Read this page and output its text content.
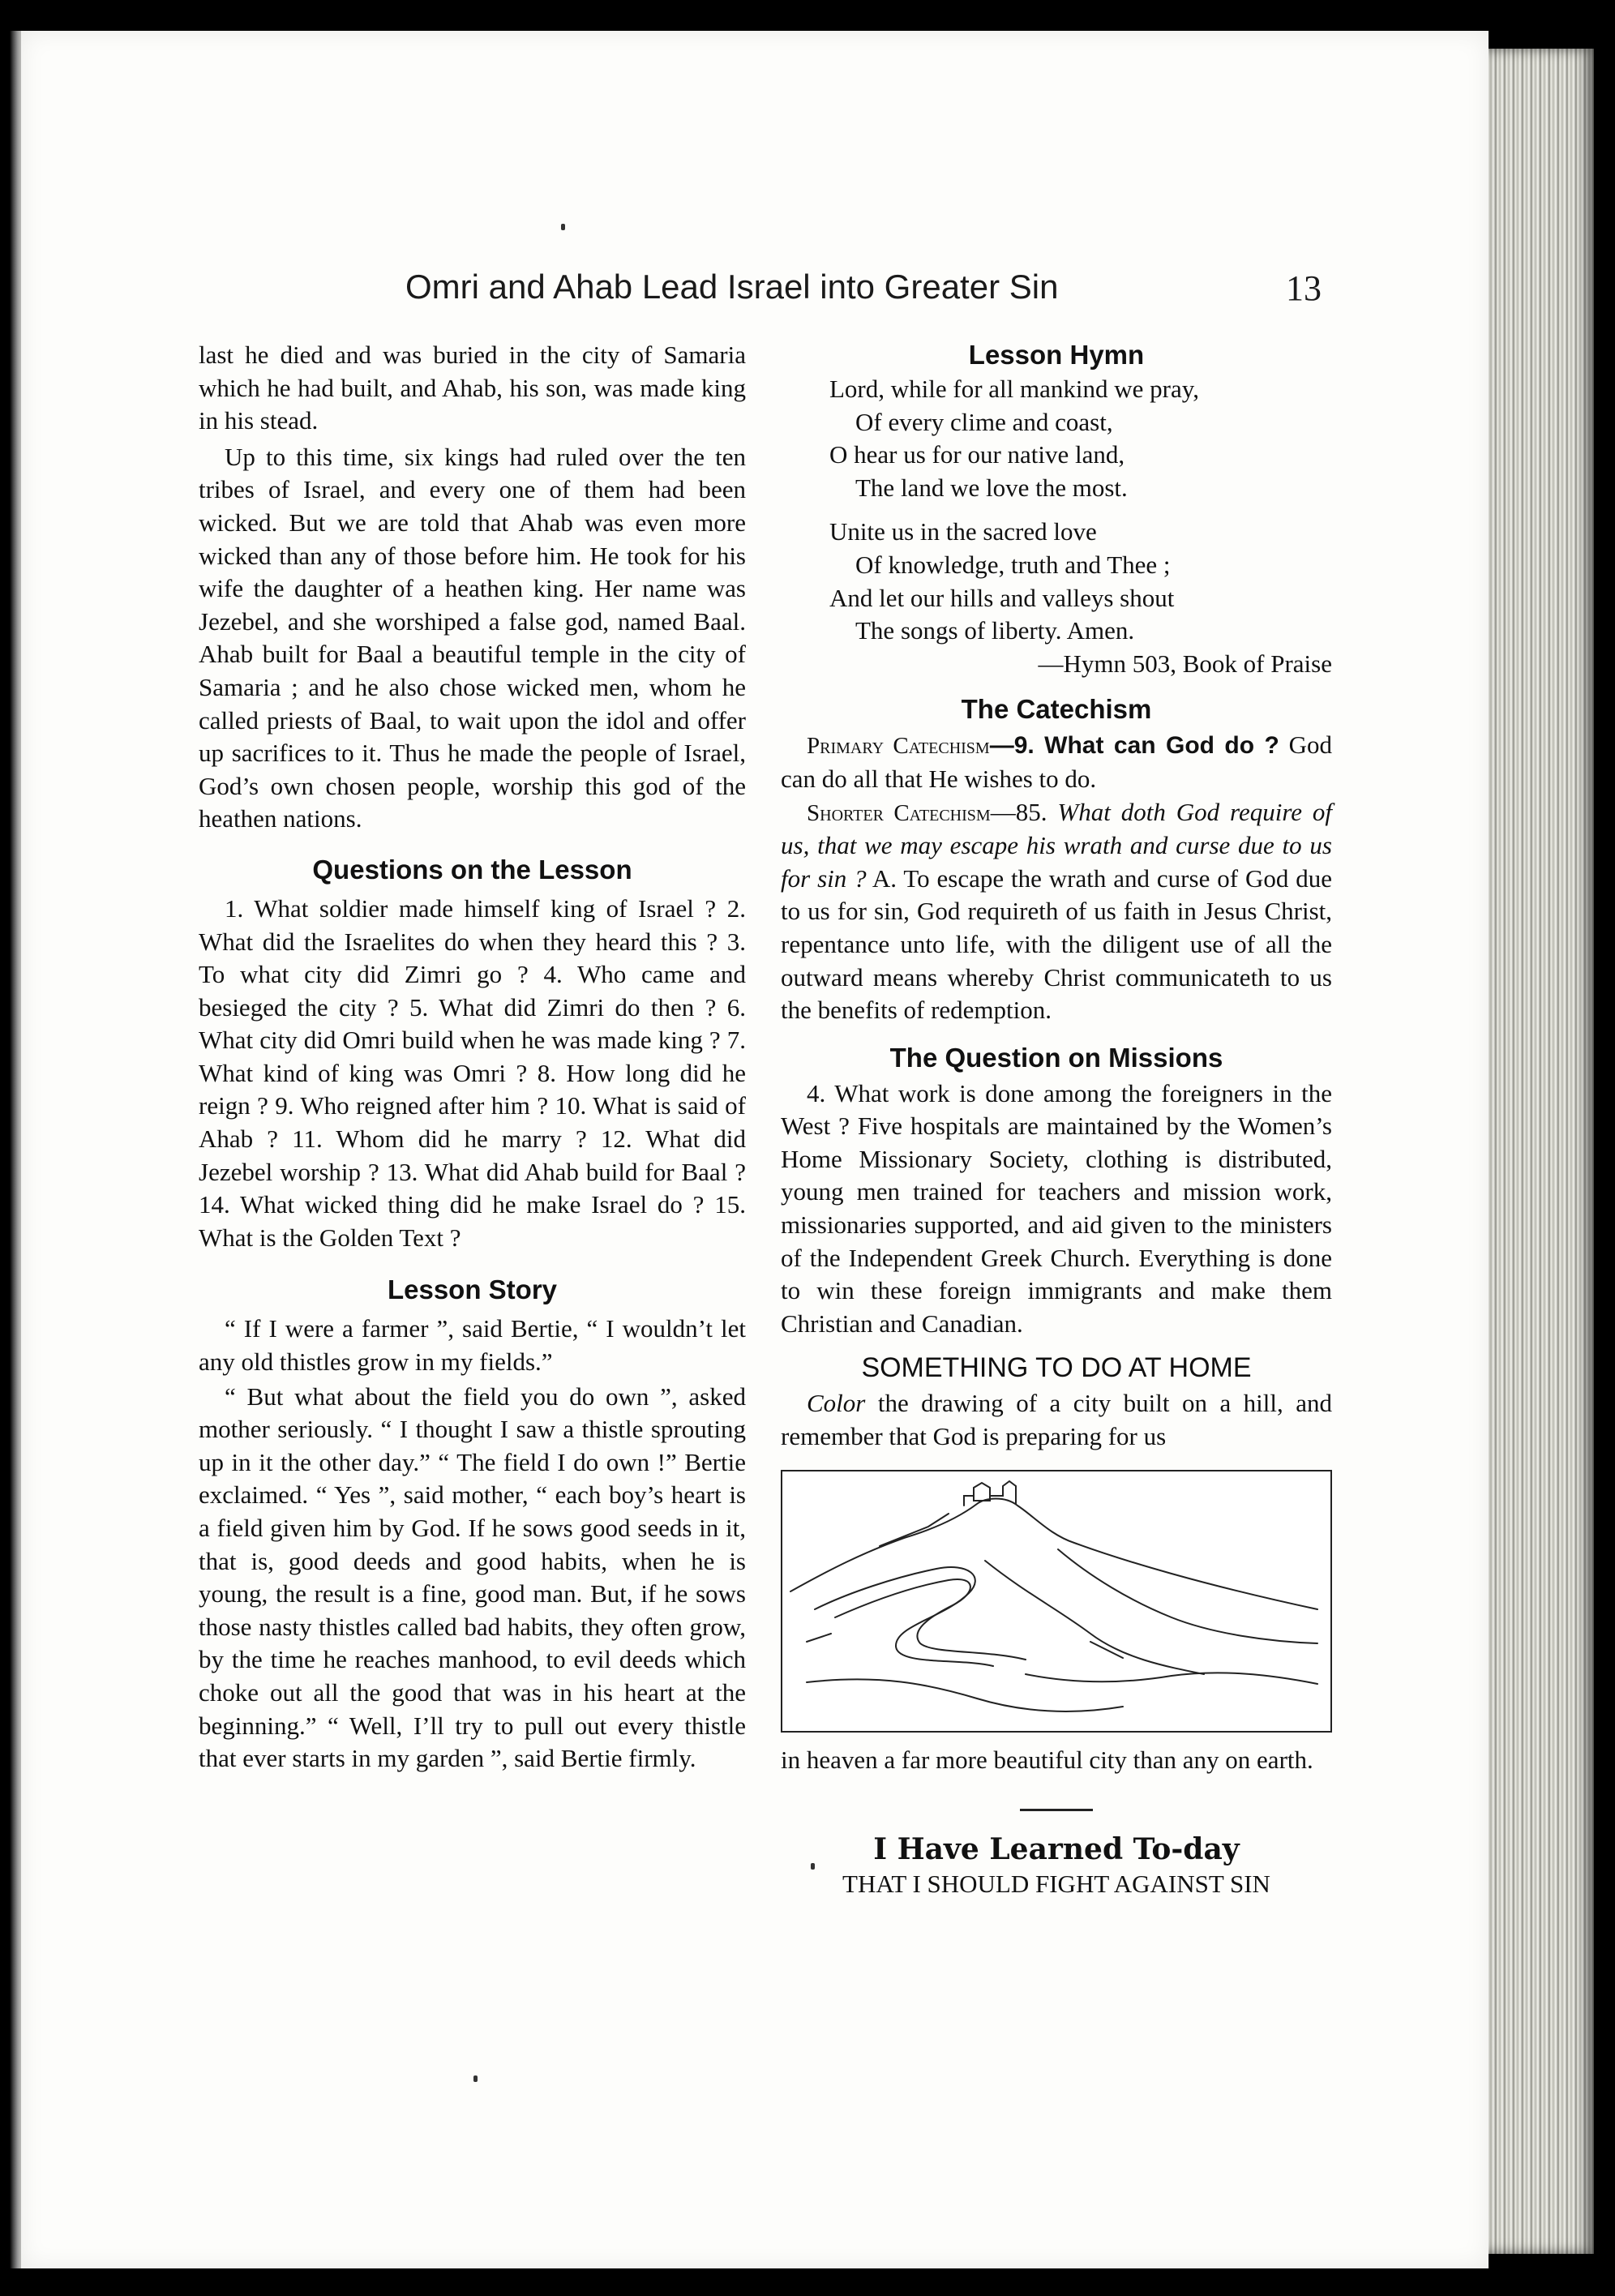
Omri and Ahab Lead Israel into Greater Sin	13

last he died and was buried in the city of Samaria which he had built, and Ahab, his son, was made king in his stead.

Up to this time, six kings had ruled over the ten tribes of Israel, and every one of them had been wicked. But we are told that Ahab was even more wicked than any of those before him. He took for his wife the daughter of a heathen king. Her name was Jezebel, and she worshiped a false god, named Baal. Ahab built for Baal a beautiful temple in the city of Samaria ; and he also chose wicked men, whom he called priests of Baal, to wait upon the idol and offer up sacrifices to it. Thus he made the people of Israel, God’s own chosen people, worship this god of the heathen nations.

Questions on the Lesson

1. What soldier made himself king of Israel ? 2. What did the Israelites do when they heard this ? 3. To what city did Zimri go ? 4. Who came and besieged the city ? 5. What did Zimri do then ? 6. What city did Omri build when he was made king ? 7. What kind of king was Omri ? 8. How long did he reign ? 9. Who reigned after him ? 10. What is said of Ahab ? 11. Whom did he marry ? 12. What did Jezebel worship ? 13. What did Ahab build for Baal ? 14. What wicked thing did he make Israel do ? 15. What is the Golden Text ?

Lesson Story

“ If I were a farmer ”, said Bertie, “ I wouldn’t let any old thistles grow in my fields.”

“ But what about the field you do own ”, asked mother seriously. “ I thought I saw a thistle sprouting up in it the other day.” “ The field I do own !” Bertie exclaimed. “ Yes ”, said mother, “ each boy’s heart is a field given him by God. If he sows good seeds in it, that is, good deeds and good habits, when he is young, the result is a fine, good man. But, if he sows those nasty thistles called bad habits, they often grow, by the time he reaches manhood, to evil deeds which choke out all the good that was in his heart at the beginning.” “ Well, I’ll try to pull out every thistle that ever starts in my garden ”, said Bertie firmly.

Lesson Hymn

Lord, while for all mankind we pray,

Of every clime and coast,

O hear us for our native land,

The land we love the most.

Unite us in the sacred love

Of knowledge, truth and Thee ;

And let our hills and valleys shout

The songs of liberty. Amen.

—Hymn 503, Book of Praise

The Catechism

Primary Catechism—9. What can God do ? God can do all that He wishes to do.

Shorter Catechism—85. What doth God require of us, that we may escape his wrath and curse due to us for sin ? A. To escape the wrath and curse of God due to us for sin, God requireth of us faith in Jesus Christ, repentance unto life, with the diligent use of all the outward means whereby Christ communicateth to us the benefits of redemption.

The Question on Missions

4. What work is done among the foreigners in the West ? Five hospitals are maintained by the Women’s Home Missionary Society, clothing is distributed, young men trained for teachers and mission work, missionaries supported, and aid given to the ministers of the Independent Greek Church. Everything is done to win these foreign immigrants and make them Christian and Canadian.

SOMETHING TO DO AT HOME

Color the drawing of a city built on a hill, and remember that God is preparing for us

in heaven a far more beautiful city than any on earth.

I Have Learned To-day
THAT I SHOULD FIGHT AGAINST SIN
